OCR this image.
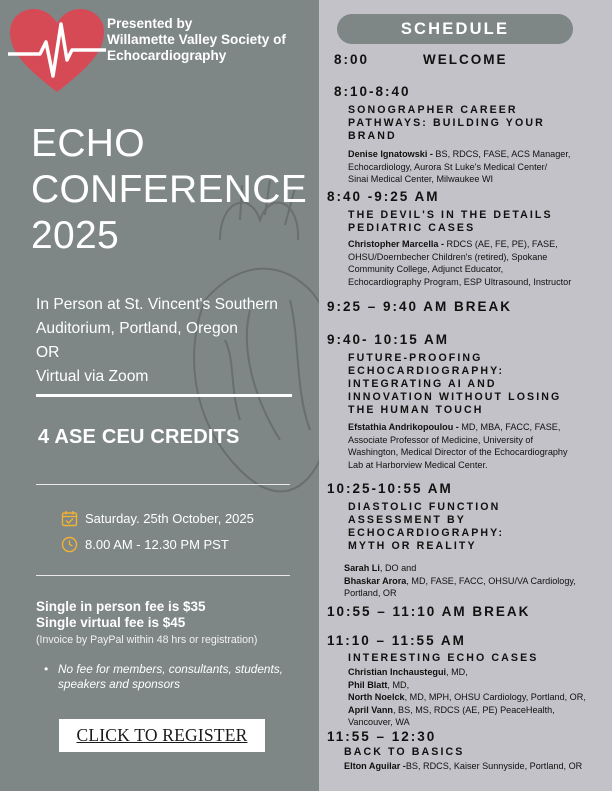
Presented by
Willamette Valley Society of
Echocardiography
ECHO
CONFERENCE
2025
In Person at St. Vincent's Southern
Auditorium, Portland, Oregon
OR
Virtual via Zoom
4 ASE CEU CREDITS
Saturday. 25th October, 2025
8.00 AM - 12.30 PM PST
Single in person fee is $35
Single virtual fee is $45
(Invoice by PayPal within 48 hrs or registration)
• No fee for members, consultants, students,
speakers and sponsors
CLICK TO REGISTER
SCHEDULE
8:00	WELCOME
8:10-8:40
SONOGRAPHER CAREER
PATHWAYS: BUILDING YOUR
BRAND
Denise Ignatowski - BS, RDCS, FASE, ACS Manager,
Echocardiology, Aurora St Luke's Medical Center/
Sinai Medical Center, Milwaukee WI
8:40 -9:25 AM
THE DEVIL'S IN THE DETAILS
PEDIATRIC CASES
Christopher Marcella - RDCS (AE, FE, PE), FASE,
OHSU/Doernbecher Children's (retired), Spokane
Community College, Adjunct Educator,
Echocardiography Program, ESP Ultrasound, Instructor
9:25 – 9:40 AM BREAK
9:40- 10:15 AM
FUTURE-PROOFING
ECHOCARDIOGRAPHY:
INTEGRATING AI AND
INNOVATION WITHOUT LOSING
THE HUMAN TOUCH
Efstathia Andrikopoulou - MD, MBA, FACC, FASE,
Associate Professor of Medicine, University of
Washington, Medical Director of the Echocardiography
Lab at Harborview Medical Center.
10:25-10:55 AM
DIASTOLIC FUNCTION
ASSESSMENT BY
ECHOCARDIOGRAPHY:
MYTH OR REALITY
Sarah Li, DO and
Bhaskar Arora, MD, FASE, FACC, OHSU/VA Cardiology,
Portland, OR
10:55 – 11:10 AM BREAK
11:10 – 11:55 AM
INTERESTING ECHO CASES
Christian Inchaustegui, MD,
Phil Blatt, MD,
North Noelck, MD, MPH, OHSU Cardiology, Portland, OR,
April Vann, BS, MS, RDCS (AE, PE) PeaceHealth,
Vancouver, WA
11:55 – 12:30
BACK TO BASICS
Elton Aguilar -BS, RDCS, Kaiser Sunnyside, Portland, OR
